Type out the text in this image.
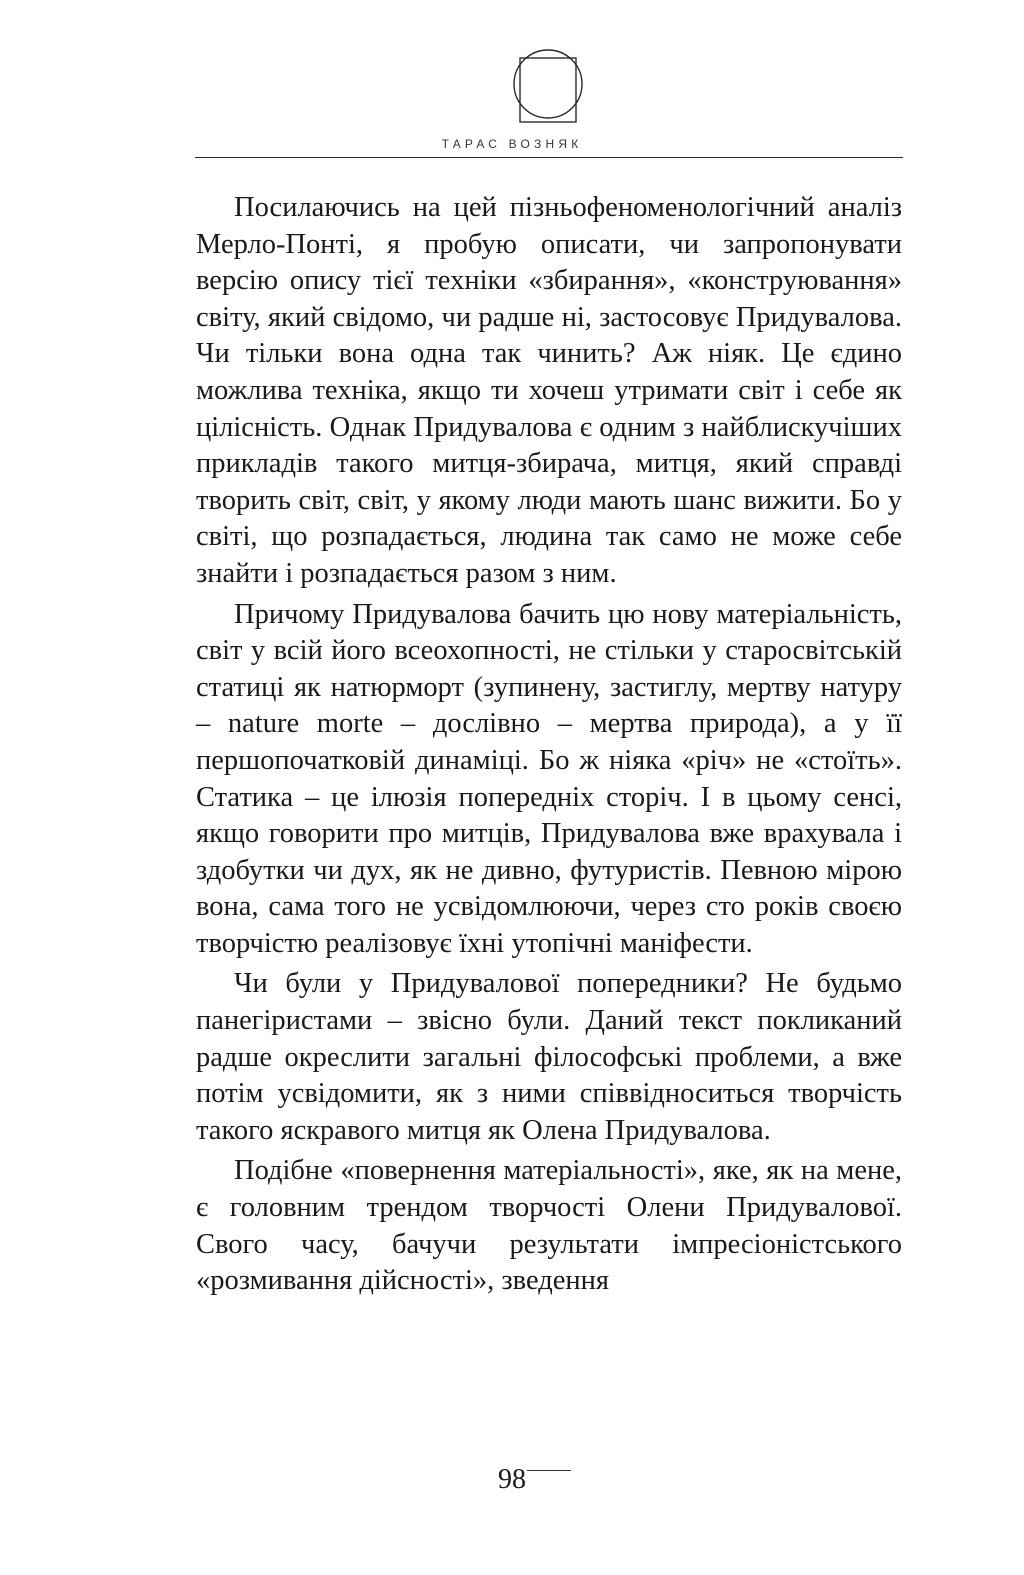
ТАРАС ВОЗНЯК

Посилаючись на цей пізньофеноменологічний аналіз Мерло-Понті, я пробую описати, чи запропонувати версію опису тієї техніки «збирання», «конструювання» світу, який свідомо, чи радше ні, застосовує Придувалова. Чи тільки вона одна так чинить? Аж ніяк. Це єдино можлива техніка, якщо ти хочеш утримати світ і себе як цілісність. Однак Придувалова є одним з найблискучіших прикладів такого митця-збирача, митця, який справді творить світ, світ, у якому люди мають шанс вижити. Бо у світі, що розпадається, людина так само не може себе знайти і розпадається разом з ним.

Причому Придувалова бачить цю нову матеріальність, світ у всій його всеохопності, не стільки у старосвітській статиці як натюрморт (зупинену, застиглу, мертву натуру – nature morte – дослівно – мертва природа), а у її першопочатковій динаміці. Бо ж ніяка «річ» не «стоїть». Статика – це ілюзія попередніх сторіч. І в цьому сенсі, якщо говорити про митців, Придувалова вже врахувала і здобутки чи дух, як не дивно, футуристів. Певною мірою вона, сама того не усвідомлюючи, через сто років своєю творчістю реалізовує їхні утопічні маніфести.

Чи були у Придувалової попередники? Не будьмо панегіристами – звісно були. Даний текст покликаний радше окреслити загальні філософські проблеми, а вже потім усвідомити, як з ними співвідноситься творчість такого яскравого митця як Олена Придувалова.

Подібне «повернення матеріальності», яке, як на мене, є головним трендом творчості Олени Придувалової. Свого часу, бачучи результати імпресіоністського «розмивання дійсності», зведення

98
